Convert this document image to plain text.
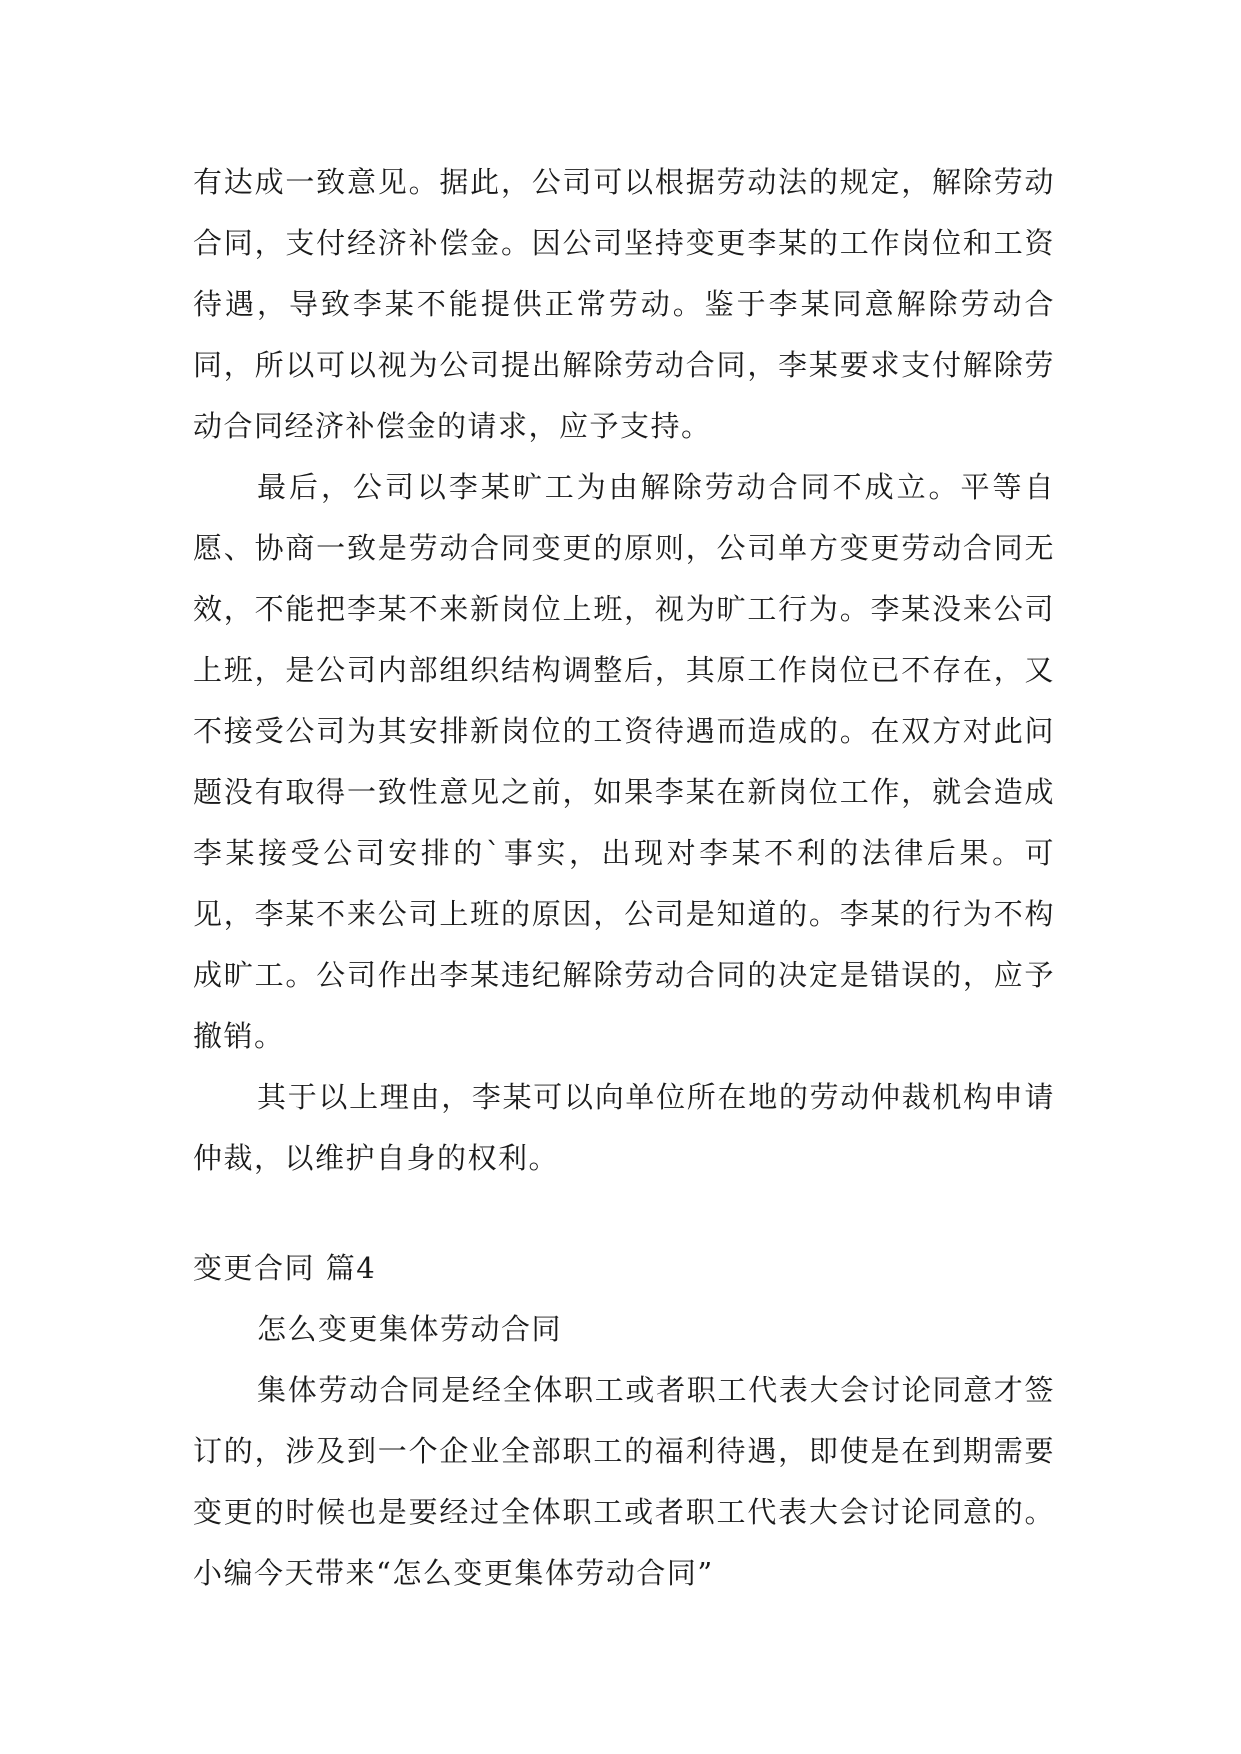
有达成一致意见。据此，公司可以根据劳动法的规定，解除劳动合同，支付经济补偿金。因公司坚持变更李某的工作岗位和工资待遇，导致李某不能提供正常劳动。鉴于李某同意解除劳动合同，所以可以视为公司提出解除劳动合同，李某要求支付解除劳动合同经济补偿金的请求，应予支持。

最后，公司以李某旷工为由解除劳动合同不成立。平等自愿、协商一致是劳动合同变更的原则，公司单方变更劳动合同无效，不能把李某不来新岗位上班，视为旷工行为。李某没来公司上班，是公司内部组织结构调整后，其原工作岗位已不存在，又不接受公司为其安排新岗位的工资待遇而造成的。在双方对此问题没有取得一致性意见之前，如果李某在新岗位工作，就会造成李某接受公司安排的`事实，出现对李某不利的法律后果。可见，李某不来公司上班的原因，公司是知道的。李某的行为不构成旷工。公司作出李某违纪解除劳动合同的决定是错误的，应予撤销。

其于以上理由，李某可以向单位所在地的劳动仲裁机构申请仲裁，以维护自身的权利。

变更合同 篇4

怎么变更集体劳动合同

集体劳动合同是经全体职工或者职工代表大会讨论同意才签订的，涉及到一个企业全部职工的福利待遇，即使是在到期需要变更的时候也是要经过全体职工或者职工代表大会讨论同意的。小编今天带来“怎么变更集体劳动合同”
